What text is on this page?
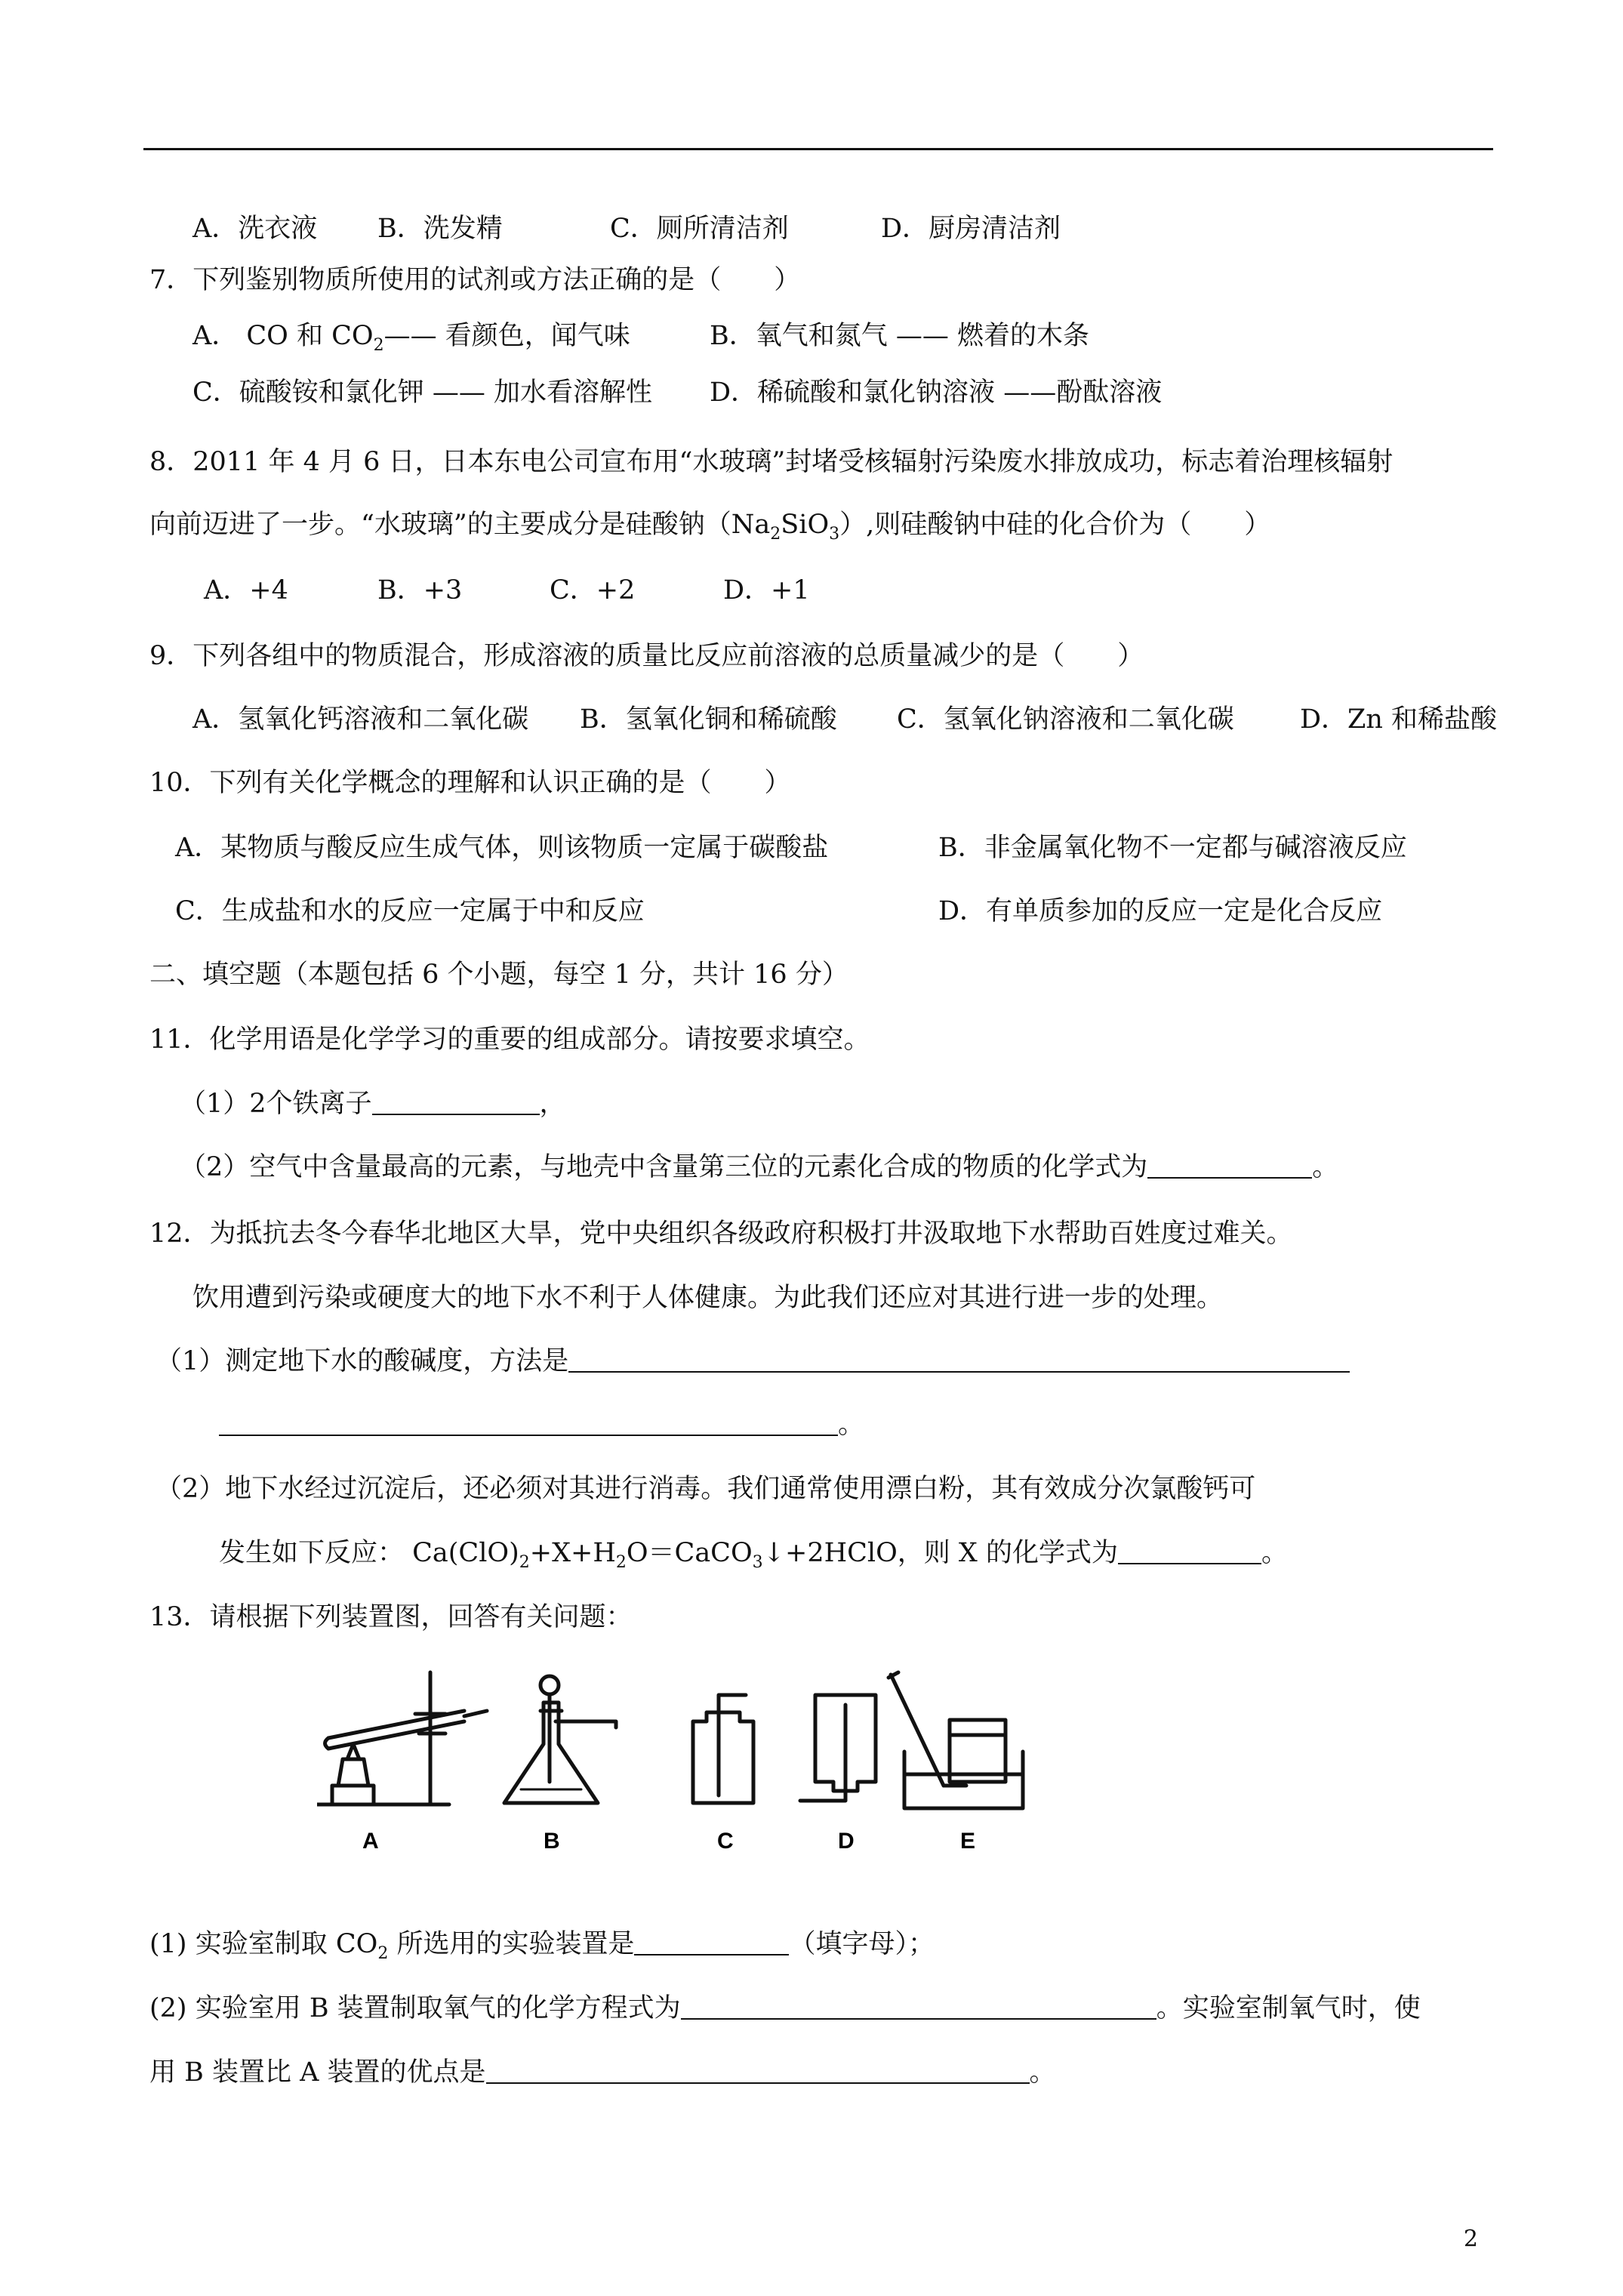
A．洗衣液 B．洗发精	C．厕所清洁剂	D．厨房清洁剂
7．下列鉴别物质所使用的试剂或方法正确的是（　　）
A． CO 和 $CO_2——$ 看颜色，闻气味	B．氧气和氮气 —— 燃着的木条
C．硫酸铵和氯化钾 —— 加水看溶解性 D．稀硫酸和氯化钠溶液 ——酚酞溶液
8．2011 年 4 月 6 日，日本东电公司宣布用“水玻璃”封堵受核辐射污染废水排放成功，标志着治理核辐射
向前迈进了一步。“水玻璃”的主要成分是硅酸钠$(Na_2SiO_3)$,则硅酸钠中硅的化合价为（　　）
A．+4	B．+3	C．+2	D．+1
9．下列各组中的物质混合，形成溶液的质量比反应前溶液的总质量减少的是（　　）
A．氢氧化钙溶液和二氧化碳 B．氢氧化铜和稀硫酸 C．氢氧化钠溶液和二氧化碳 D．Zn 和稀盐酸
10．下列有关化学概念的理解和认识正确的是（　　）
A．某物质与酸反应生成气体，则该物质一定属于碳酸盐	B．非金属氧化物不一定都与碱溶液反应
C．生成盐和水的反应一定属于中和反应	D．有单质参加的反应一定是化合反应
二、填空题（本题包括 6 个小题，每空 1 分，共计 16 分）
11．化学用语是化学学习的重要的组成部分。请按要求填空。
（1）2个铁离子	，
（2）空气中含量最高的元素，与地壳中含量第三位的元素化合成的物质的化学式为	。
12．为抵抗去冬今春华北地区大旱，党中央组织各级政府积极打井汲取地下水帮助百姓度过难关。
饮用遭到污染或硬度大的地下水不利于人体健康。为此我们还应对其进行进一步的处理。
（1）测定地下水的酸碱度，方法是
。
（2）地下水经过沉淀后，还必须对其进行消毒。我们通常使用漂白粉，其有效成分次氯酸钙可
发生如下反应： $Ca(ClO)_2+X+H_2O=CaCO_3↓+2HClO$，则 X 的化学式为	。
13．请根据下列装置图，回答有关问题：
A	B	C	D	E
(1) 实验室制取 $CO_2$ 所选用的实验装置是	（填字母）；
(2) 实验室用 B 装置制取氧气的化学方程式为	。实验室制氧气时，使
用 B 装置比 A 装置的优点是	。
2
